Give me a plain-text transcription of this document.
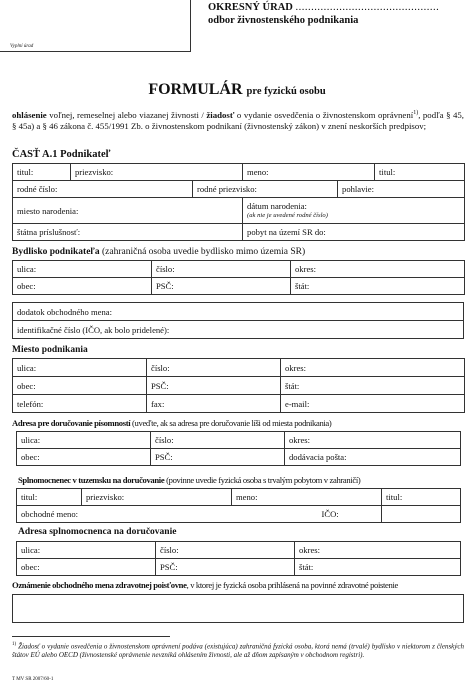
Vyplní úrad
OKRESNÝ ÚRAD ..............................................
odbor živnostenského podnikania
FORMULÁR pre fyzickú osobu
ohlásenie voľnej, remeselnej alebo viazanej živnosti / žiadosť o vydanie osvedčenia o živnostenskom oprávnení$^{1)}$, podľa § 45, § 45a) a § 46 zákona č. 455/1991 Zb. o živnostenskom podnikaní (živnostenský zákon) v znení neskorších predpisov;
ČASŤ A.1 Podnikateľ
titul:	priezvisko:		meno:		titul:
rodné číslo:		rodné priezvisko:		pohlavie:	
miesto narodenia:			dátum narodenia:
(ak nie je uvedené rodné číslo)		

štátna príslušnosť:			pobyt na území SR do:		
Bydlisko podnikateľa (zahraničná osoba uvedie bydlisko mimo územia SR)
ulica:	číslo:	okres:
obec:	PSČ:	štát:
dodatok obchodného mena:
identifikačné číslo (IČO, ak bolo pridelené):
Miesto podnikania
ulica:	číslo:	okres:
obec:	PSČ:	štát:
telefón:	fax:	e-mail:
Adresa pre doručovanie písomností (uveďte, ak sa adresa pre doručovanie líši od miesta podnikania)
ulica:	číslo:	okres:
obec:	PSČ:	dodávacia pošta:
Splnomocnenec v tuzemsku na doručovanie (povinne uvedie fyzická osoba s trvalým pobytom v zahraničí)
titul:	priezvisko:	meno:	titul:
obchodné meno: IČO:			

Adresa splnomocnenca na doručovanie
ulica:	číslo:	okres:
obec:	PSČ:	štát:
Oznámenie obchodného mena zdravotnej poisťovne, v ktorej je fyzická osoba prihlásená na povinné zdravotné poistenie
$^{1)}$ Žiadosť o vydanie osvedčenia o živnostenskom oprávnení podáva (existujúca) zahraničná fyzická osoba, ktorá nemá (trvalé) bydlisko v niektorom z členských štátov EÚ alebo OECD (živnostenské oprávnenie nevzniká ohlásením živnosti, ale až dňom zapísaným v obchodnom registri).
T MV SR 2007/60-1
